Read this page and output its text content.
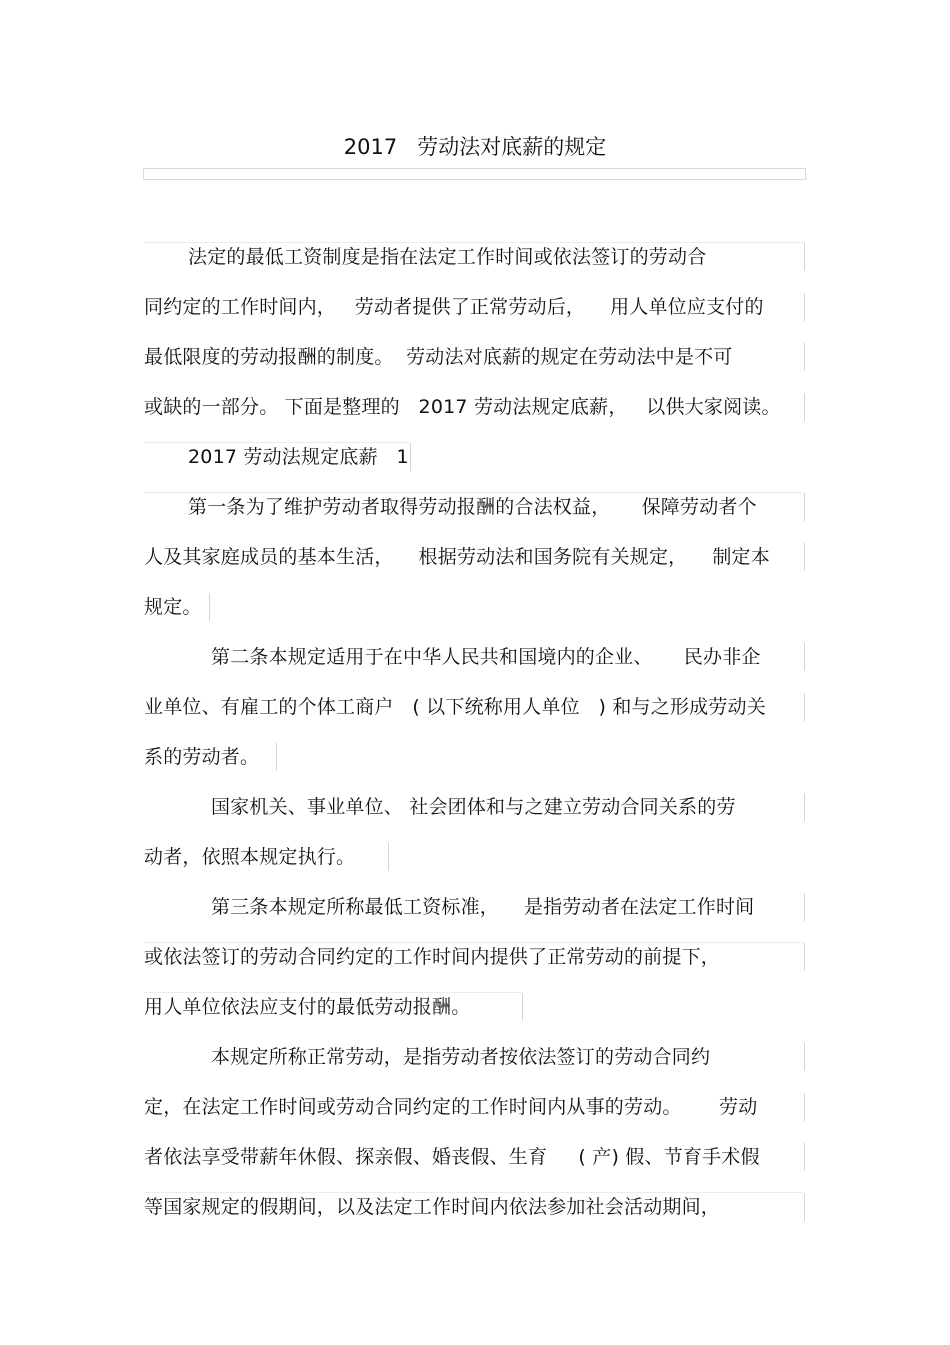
2017   劳动法对底薪的规定
法定的最低工资制度是指在法定工作时间或依法签订的劳动合
同约定的工作时间内，   劳动者提供了正常劳动后，    用人单位应支付的
最低限度的劳动报酬的制度。  劳动法对底薪的规定在劳动法中是不可
或缺的一部分。 下面是整理的   2017 劳动法规定底薪，   以供大家阅读。
2017 劳动法规定底薪   1
第一条为了维护劳动者取得劳动报酬的合法权益，     保障劳动者个
人及其家庭成员的基本生活，    根据劳动法和国务院有关规定，    制定本
规定。
第二条本规定适用于在中华人民共和国境内的企业、     民办非企
业单位、有雇工的个体工商户   ( 以下统称用人单位   ) 和与之形成劳动关
系的劳动者。
国家机关、事业单位、 社会团体和与之建立劳动合同关系的劳
动者，依照本规定执行。
第三条本规定所称最低工资标准，    是指劳动者在法定工作时间
或依法签订的劳动合同约定的工作时间内提供了正常劳动的前提下，
用人单位依法应支付的最低劳动报酬。
本规定所称正常劳动，是指劳动者按依法签订的劳动合同约
定，在法定工作时间或劳动合同约定的工作时间内从事的劳动。      劳动
者依法享受带薪年休假、探亲假、婚丧假、生育     ( 产) 假、节育手术假
等国家规定的假期间，以及法定工作时间内依法参加社会活动期间，
